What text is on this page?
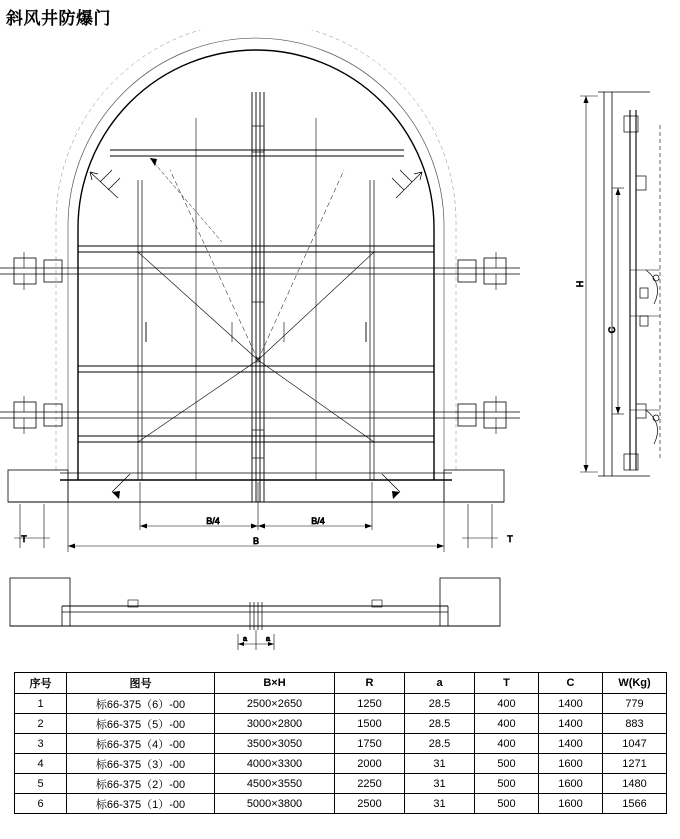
斜风井防爆门
B/4	B/4
B
T	T
H
C
a	a
序号	图号	B×H	R	a	T	C	W(Kg)
1	标66-375（6）-00	2500×2650	1250	28.5	400	1400	779
2	标66-375（5）-00	3000×2800	1500	28.5	400	1400	883
3	标66-375（4）-00	3500×3050	1750	28.5	400	1400	1047
4	标66-375（3）-00	4000×3300	2000	31	500	1600	1271
5	标66-375（2）-00	4500×3550	2250	31	500	1600	1480
6	标66-375（1）-00	5000×3800	2500	31	500	1600	1566
